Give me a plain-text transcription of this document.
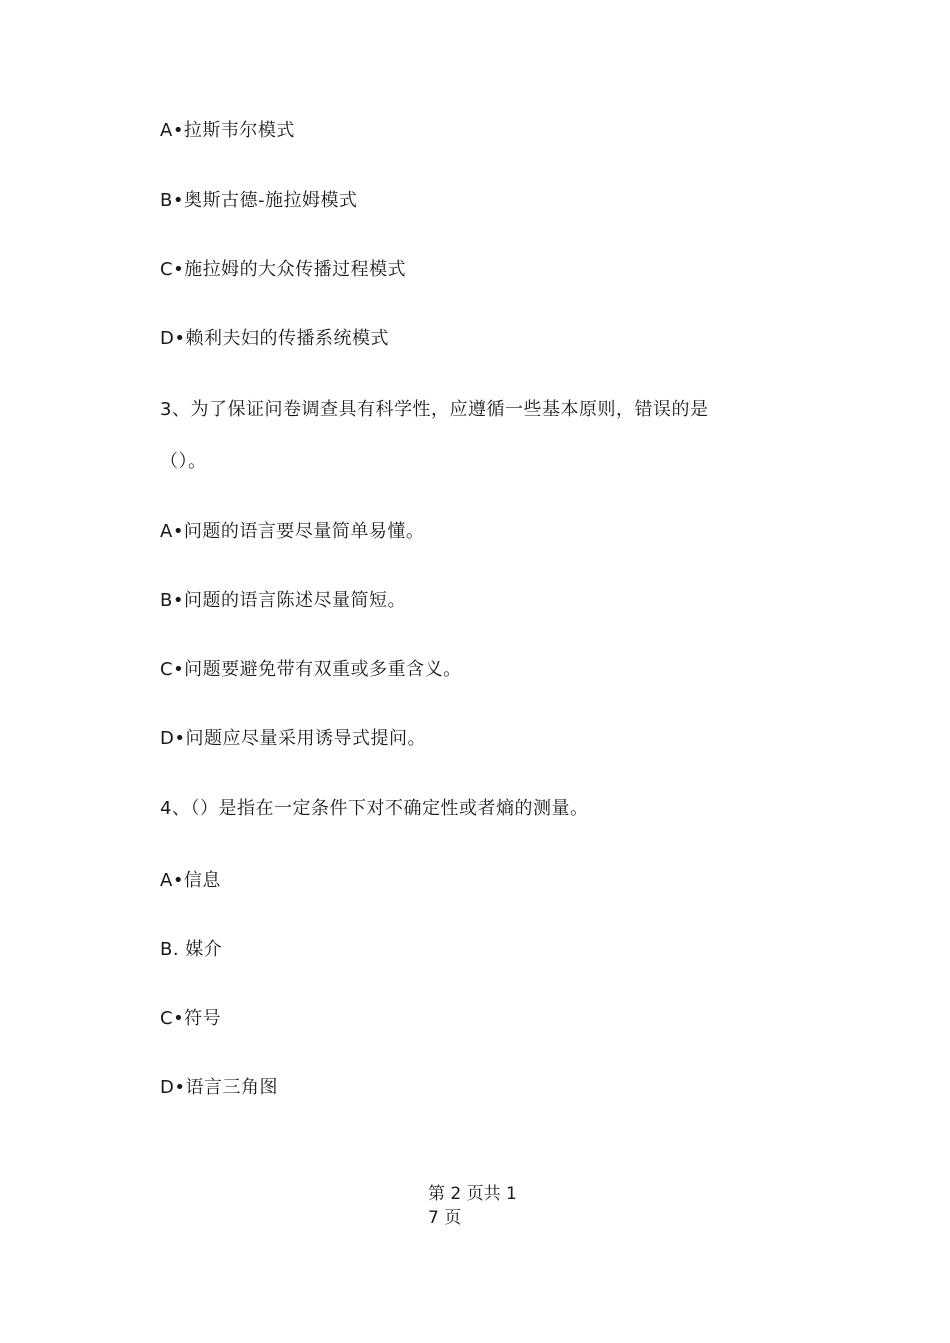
A•拉斯韦尔模式
B•奥斯古德-施拉姆模式
C•施拉姆的大众传播过程模式
D•赖利夫妇的传播系统模式
3、为了保证问卷调查具有科学性，应遵循一些基本原则，错误的是
（）。
A•问题的语言要尽量简单易懂。
B•问题的语言陈述尽量简短。
C•问题要避免带有双重或多重含义。
D•问题应尽量采用诱导式提问。
4、（）是指在一定条件下对不确定性或者熵的测量。
A•信息
B. 媒介
C•符号
D•语言三角图
第 2 页共 1
7 页
